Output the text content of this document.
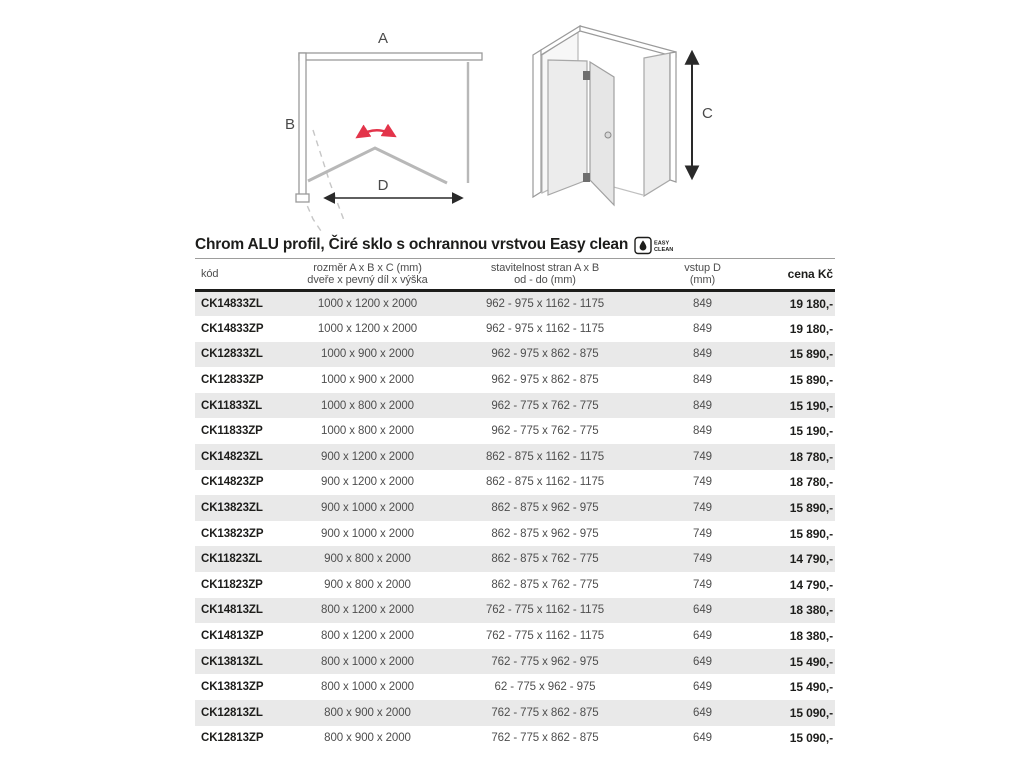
A
B
D
C
Chrom ALU profil, Čiré sklo s ochrannou vrstvou Easy clean	EASY
CLEAN
kód	rozměr A x B x C (mm)
dveře x pevný díl x výška

stavitelnost stran A x B
od - do (mm)

vstup D
(mm)	cena Kč

CK14833ZL	1000 x 1200 x 2000	962 - 975 x 1162 - 1175	849	19 180,-
CK14833ZP	1000 x 1200 x 2000	962 - 975 x 1162 - 1175	849	19 180,-
CK12833ZL	1000 x 900 x 2000	962 - 975 x 862 - 875	849	15 890,-
CK12833ZP	1000 x 900 x 2000	962 - 975 x 862 - 875	849	15 890,-
CK11833ZL	1000 x 800 x 2000	962 - 775 x 762 - 775	849	15 190,-
CK11833ZP	1000 x 800 x 2000	962 - 775 x 762 - 775	849	15 190,-
CK14823ZL	900 x 1200 x 2000	862 - 875 x 1162 - 1175	749	18 780,-
CK14823ZP	900 x 1200 x 2000	862 - 875 x 1162 - 1175	749	18 780,-
CK13823ZL	900 x 1000 x 2000	862 - 875 x 962 - 975	749	15 890,-
CK13823ZP	900 x 1000 x 2000	862 - 875 x 962 - 975	749	15 890,-
CK11823ZL	900 x 800 x 2000	862 - 875 x 762 - 775	749	14 790,-
CK11823ZP	900 x 800 x 2000	862 - 875 x 762 - 775	749	14 790,-
CK14813ZL	800 x 1200 x 2000	762 - 775 x 1162 - 1175	649	18 380,-
CK14813ZP	800 x 1200 x 2000	762 - 775 x 1162 - 1175	649	18 380,-
CK13813ZL	800 x 1000 x 2000	762 - 775 x 962 - 975	649	15 490,-
CK13813ZP	800 x 1000 x 2000	62 - 775 x 962 - 975	649	15 490,-
CK12813ZL	800 x 900 x 2000	762 - 775 x 862 - 875	649	15 090,-
CK12813ZP	800 x 900 x 2000	762 - 775 x 862 - 875	649	15 090,-
